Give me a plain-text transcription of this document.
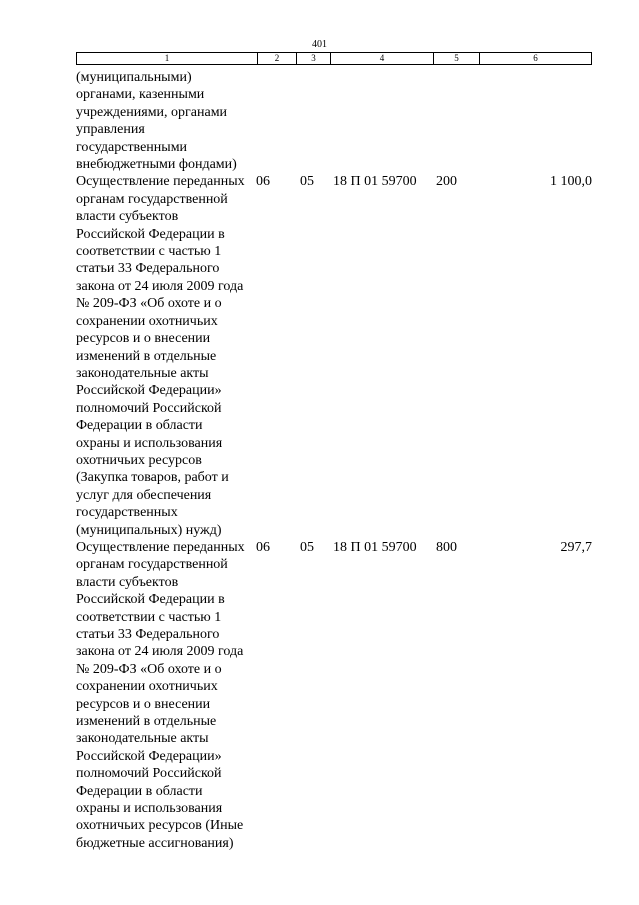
401
1	2	3	4	5	6
(муниципальными)
органами, казенными
учреждениями, органами
управления
государственными
внебюджетными фондами)
Осуществление переданных
органам государственной
власти субъектов
Российской Федерации в
соответствии с частью 1
статьи 33 Федерального
закона от 24 июля 2009 года
№ 209-ФЗ «Об охоте и о
сохранении охотничьих
ресурсов и о внесении
изменений в отдельные
законодательные акты
Российской Федерации»
полномочий Российской
Федерации в области
охраны и использования
охотничьих ресурсов
(Закупка товаров, работ и
услуг для обеспечения
государственных
(муниципальных) нужд)
06	05	18 П 01 59700	200	1 100,0
Осуществление переданных
органам государственной
власти субъектов
Российской Федерации в
соответствии с частью 1
статьи 33 Федерального
закона от 24 июля 2009 года
№ 209-ФЗ «Об охоте и о
сохранении охотничьих
ресурсов и о внесении
изменений в отдельные
законодательные акты
Российской Федерации»
полномочий Российской
Федерации в области
охраны и использования
охотничьих ресурсов (Иные
бюджетные ассигнования)
06	05	18 П 01 59700	800	297,7
